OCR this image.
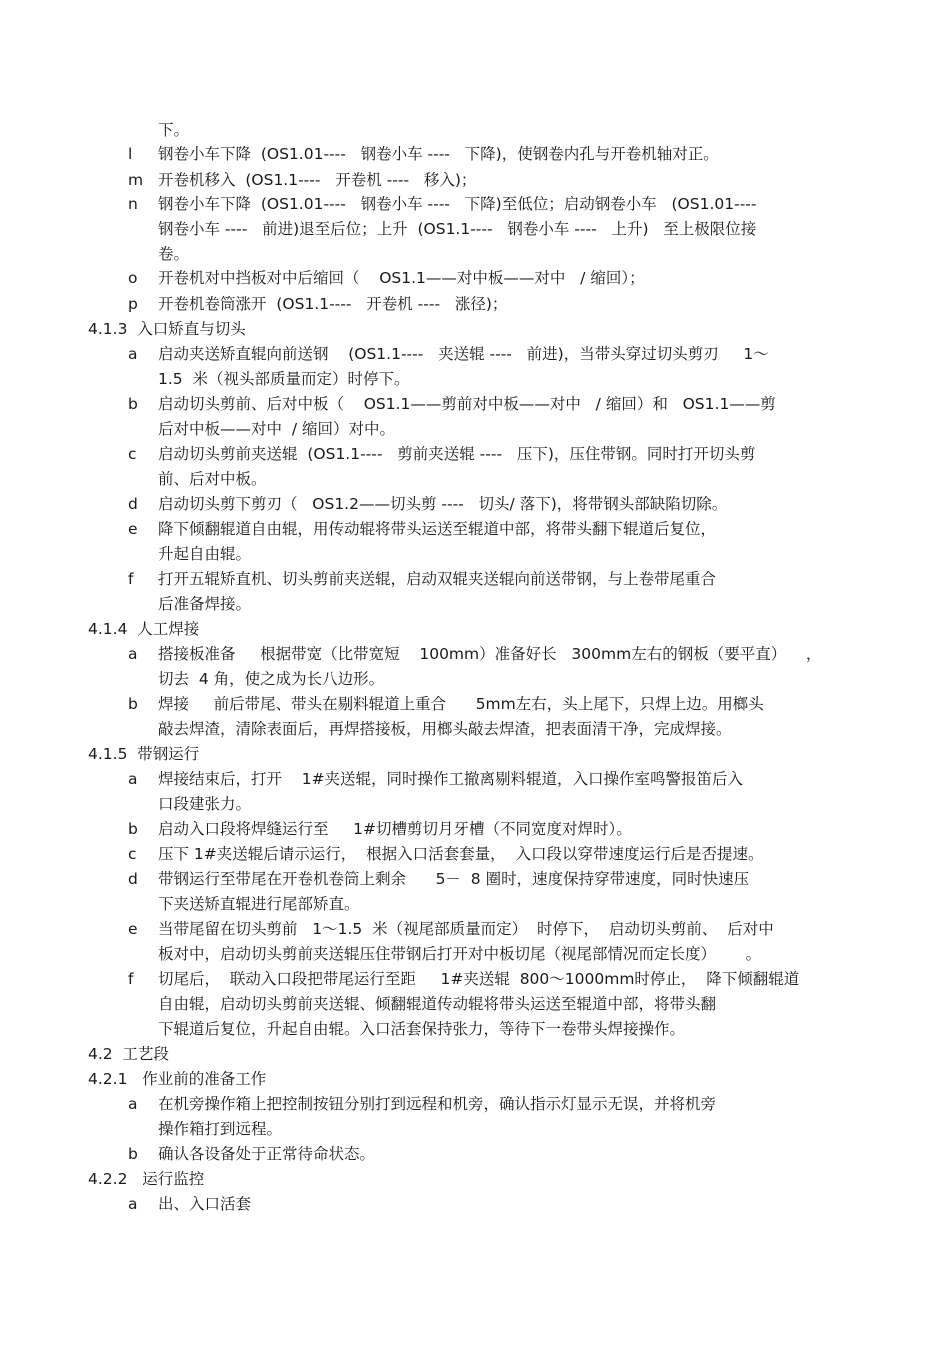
下。
l 钢卷小车下降  (OS1.01----   钢卷小车 ----   下降)，使钢卷内孔与开卷机轴对正。
m 开卷机移入  (OS1.1----   开卷机 ----   移入)；
n 钢卷小车下降  (OS1.01----   钢卷小车 ----   下降)至低位；启动钢卷小车   (OS1.01----
钢卷小车 ----   前进)退至后位；上升  (OS1.1----   钢卷小车 ----   上升)   至上极限位接
卷。
o 开卷机对中挡板对中后缩回（    OS1.1——对中板——对中   / 缩回）；
p 开卷机卷筒涨开  (OS1.1----   开卷机 ----   涨径)；
4.1.3  入口矫直与切头
a 启动夹送矫直辊向前送钢    (OS1.1----   夹送辊 ----   前进)，当带头穿过切头剪刃     1～
1.5  米（视头部质量而定）时停下。
b 启动切头剪前、后对中板（    OS1.1——剪前对中板——对中   / 缩回）和   OS1.1——剪
后对中板——对中  / 缩回）对中。
c 启动切头剪前夹送辊  (OS1.1----   剪前夹送辊 ----   压下)，压住带钢。同时打开切头剪
前、后对中板。
d 启动切头剪下剪刃（   OS1.2——切头剪 ----   切头/ 落下)，将带钢头部缺陷切除。
e 降下倾翻辊道自由辊，用传动辊将带头运送至辊道中部，将带头翻下辊道后复位，
升起自由辊。
f 打开五辊矫直机、切头剪前夹送辊，启动双辊夹送辊向前送带钢，与上卷带尾重合
后准备焊接。
4.1.4  人工焊接
a 搭接板准备     根据带宽（比带宽短    100mm）准备好长   300mm左右的钢板（要平直）    ，
切去  4 角，使之成为长八边形。
b 焊接     前后带尾、带头在剔料辊道上重合      5mm左右，头上尾下，只焊上边。用榔头
敲去焊渣，清除表面后，再焊搭接板，用榔头敲去焊渣，把表面清干净，完成焊接。
4.1.5  带钢运行
a 焊接结束后，打开    1#夹送辊，同时操作工撤离剔料辊道，入口操作室鸣警报笛后入
口段建张力。
b 启动入口段将焊缝运行至     1#切槽剪切月牙槽（不同宽度对焊时）。
c 压下 1#夹送辊后请示运行，  根据入口活套套量，  入口段以穿带速度运行后是否提速。
d 带钢运行至带尾在开卷机卷筒上剩余      5－  8 圈时，速度保持穿带速度，同时快速压
下夹送矫直辊进行尾部矫直。
e 当带尾留在切头剪前   1～1.5  米（视尾部质量而定）  时停下，  启动切头剪前、  后对中
板对中，启动切头剪前夹送辊压住带钢后打开对中板切尾（视尾部情况而定长度）      。
f 切尾后，  联动入口段把带尾运行至距     1#夹送辊  800～1000mm时停止，  降下倾翻辊道
自由辊，启动切头剪前夹送辊、倾翻辊道传动辊将带头运送至辊道中部，将带头翻
下辊道后复位，升起自由辊。入口活套保持张力，等待下一卷带头焊接操作。
4.2  工艺段
4.2.1   作业前的准备工作
a 在机旁操作箱上把控制按钮分别打到远程和机旁，确认指示灯显示无误，并将机旁
操作箱打到远程。
b 确认各设备处于正常待命状态。
4.2.2   运行监控
a 出、入口活套
